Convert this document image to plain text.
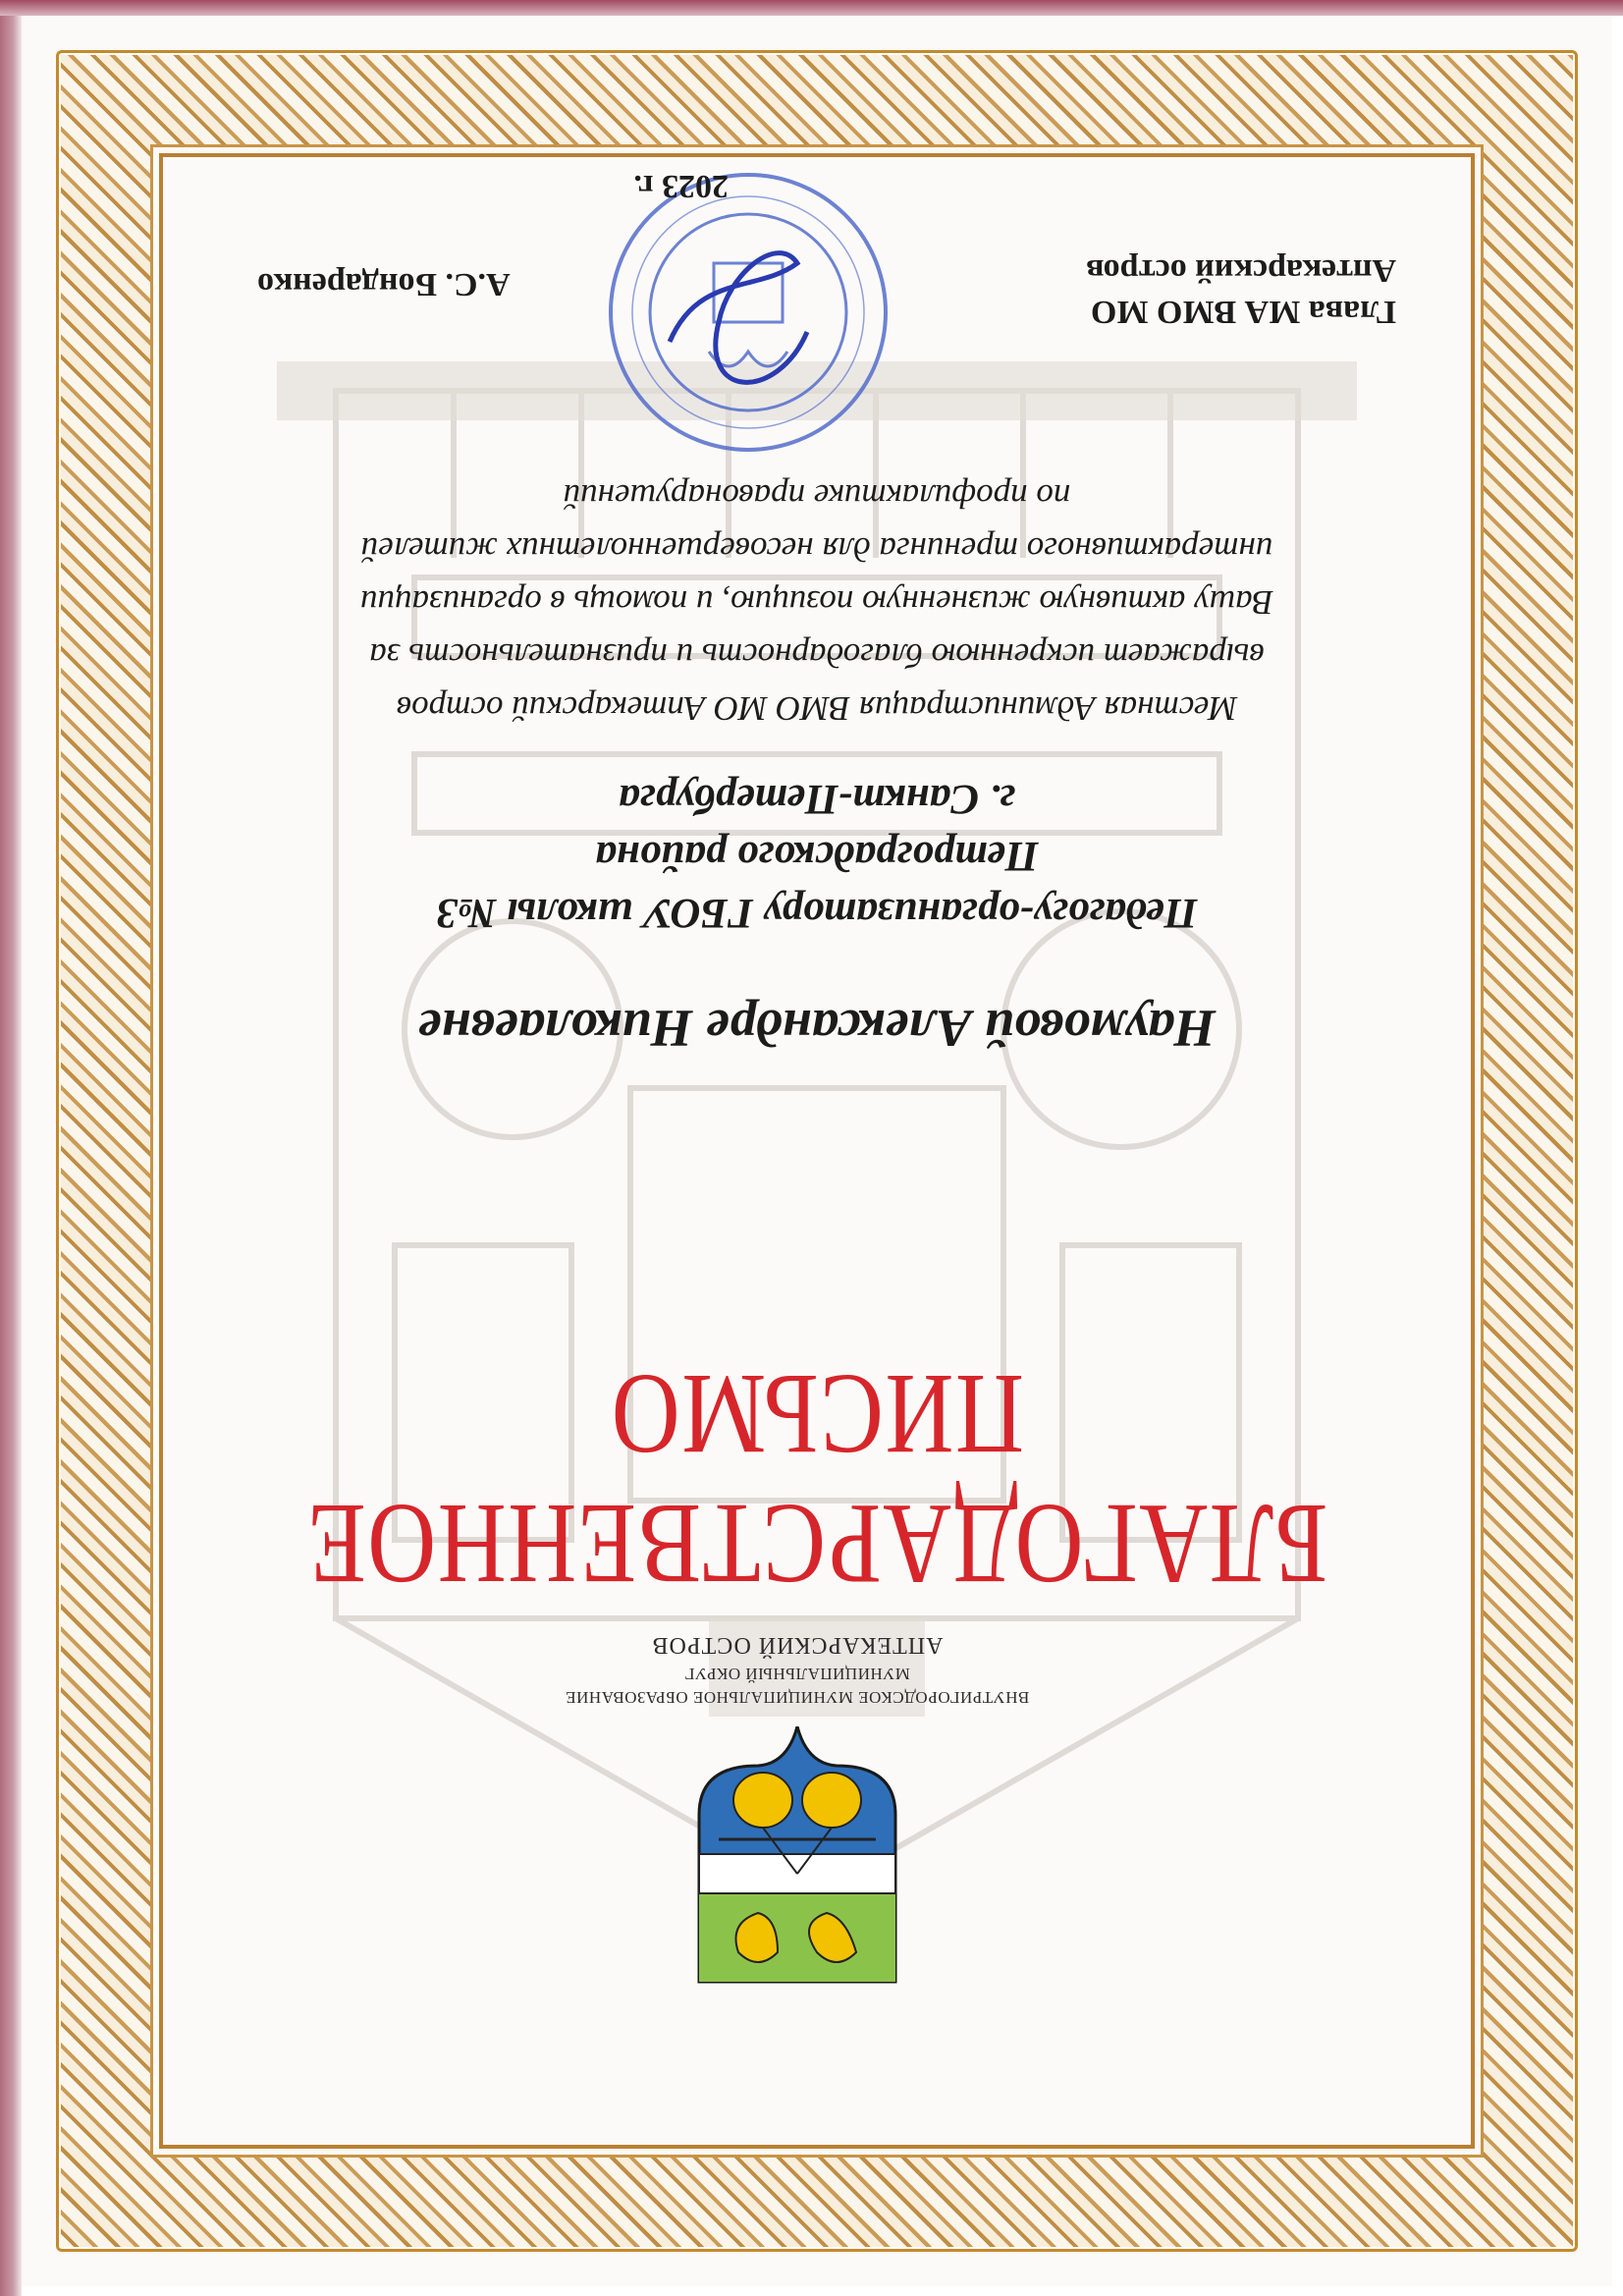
ВНУТРИГОРОДСКОЕ МУНИЦИПАЛЬНОЕ ОБРАЗОВАНИЕ
МУНИЦИПАЛЬНЫЙ ОКРУГ
АПТЕКАРСКИЙ ОСТРОВ
БЛАГОДАРСТВЕННОЕ
ПИСЬМО
Наумовой Александре Николаевне
Педагогу-организатору ГБОУ школы №3
Петроградского района
г. Санкт-Петербурга
Местная Администрация ВМО МО Аптекарский остров
выражает искреннюю благодарность и признательность за
Вашу активную жизненную позицию, и помощь в организации
интерактивного тренинга для несовершеннолетних жителей
по профилактике правонарушений
Глава МА ВМО МО
Аптекарский остров
2023 г.
А.С. Бондаренко
